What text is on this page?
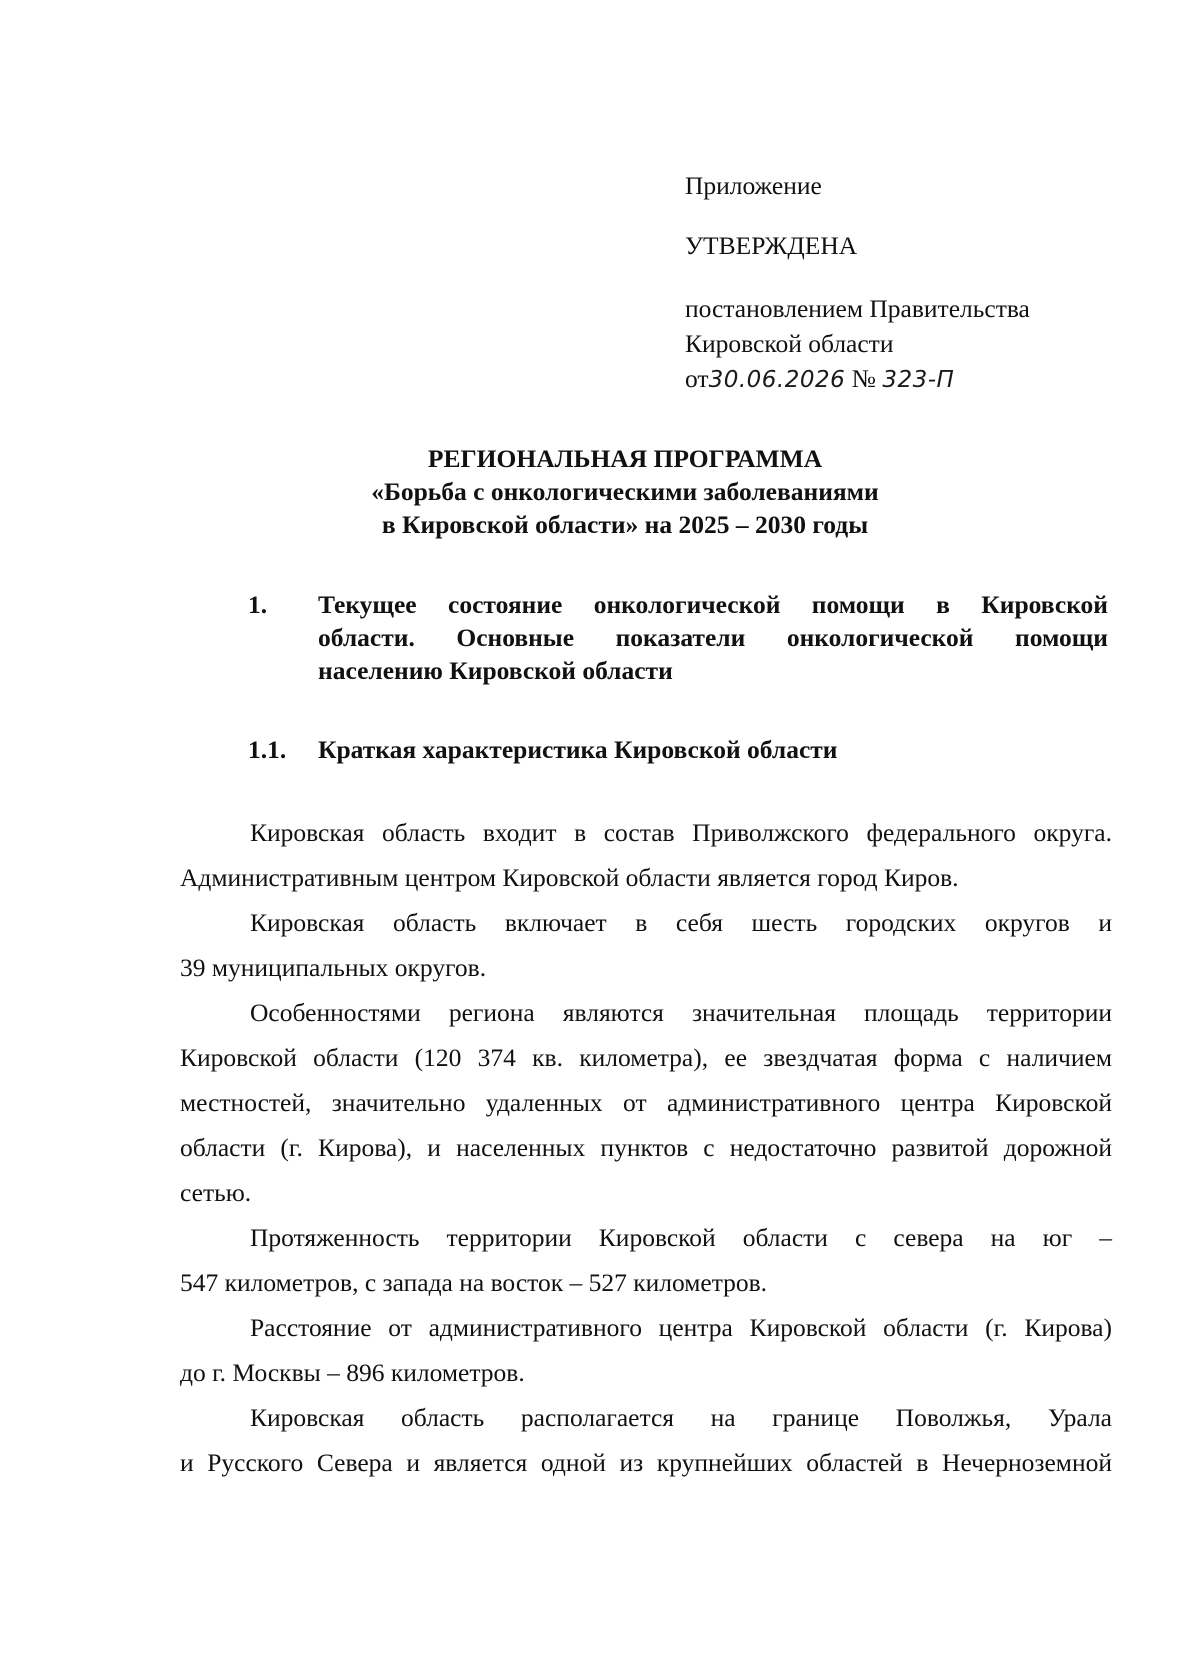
Приложение
УТВЕРЖДЕНА
постановлением Правительства
Кировской области
от30.06.2026 № 323-П
РЕГИОНАЛЬНАЯ ПРОГРАММА
«Борьба с онкологическими заболеваниями
в Кировской области» на 2025 – 2030 годы
1. Текущее состояние онкологической помощи в Кировской
области. Основные показатели онкологической помощи
населению Кировской области
1.1. Краткая характеристика Кировской области

Кировская область входит в состав Приволжского федерального округа.
Административным центром Кировской области является город Киров.

Кировская область включает в себя шесть городских округов и
39 муниципальных округов.

Особенностями региона являются значительная площадь территории
Кировской области (120 374 кв. километра), ее звездчатая форма с наличием
местностей, значительно удаленных от административного центра Кировской
области (г. Кирова), и населенных пунктов с недостаточно развитой дорожной
сетью.

Протяженность территории Кировской области с севера на юг –
547 километров, с запада на восток – 527 километров.

Расстояние от административного центра Кировской области (г. Кирова)
до г. Москвы – 896 километров.

Кировская область располагается на границе Поволжья, Урала
и Русского Севера и является одной из крупнейших областей в Нечерноземной
